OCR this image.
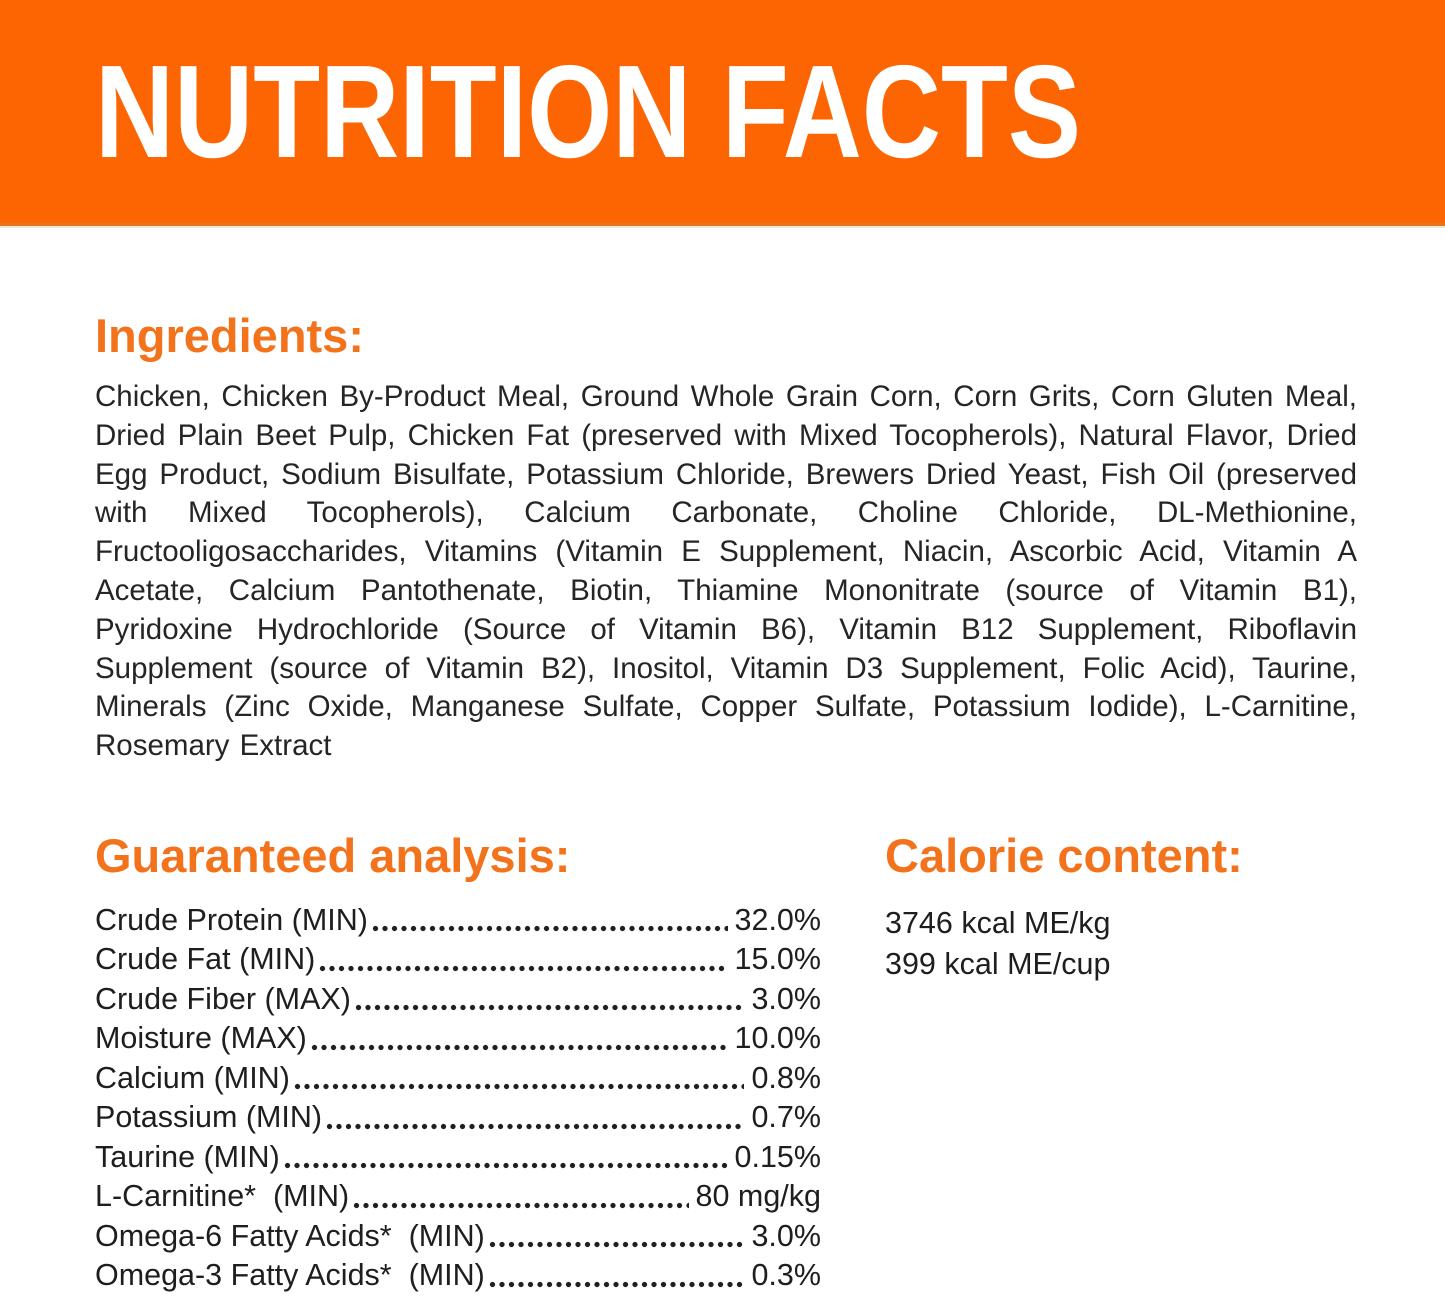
NUTRITION FACTS
Ingredients:
Chicken, Chicken By-Product Meal, Ground Whole Grain Corn, Corn Grits, Corn Gluten Meal, Dried Plain Beet Pulp, Chicken Fat (preserved with Mixed Tocopherols), Natural Flavor, Dried Egg Product, Sodium Bisulfate, Potassium Chloride, Brewers Dried Yeast, Fish Oil (preserved with Mixed Tocopherols), Calcium Carbonate, Choline Chloride, DL-Methionine, Fructooligosaccharides, Vitamins (Vitamin E Supplement, Niacin, Ascorbic Acid, Vitamin A Acetate, Calcium Pantothenate, Biotin, Thiamine Mononitrate (source of Vitamin B1), Pyridoxine Hydrochloride (Source of Vitamin B6), Vitamin B12 Supplement, Riboflavin Supplement (source of Vitamin B2), Inositol, Vitamin D3 Supplement, Folic Acid), Taurine, Minerals (Zinc Oxide, Manganese Sulfate, Copper Sulfate, Potassium Iodide), L-Carnitine, Rosemary Extract
Guaranteed analysis:
Crude Protein (MIN)	32.0%
Crude Fat (MIN)	15.0%
Crude Fiber (MAX)	3.0%
Moisture (MAX)	10.0%
Calcium (MIN)	0.8%
Potassium (MIN)	0.7%
Taurine (MIN)	0.15%
L-Carnitine*  (MIN)	80 mg/kg
Omega-6 Fatty Acids*  (MIN)	3.0%
Omega-3 Fatty Acids*  (MIN)	0.3%
Calorie content:
3746 kcal ME/kg
399 kcal ME/cup
